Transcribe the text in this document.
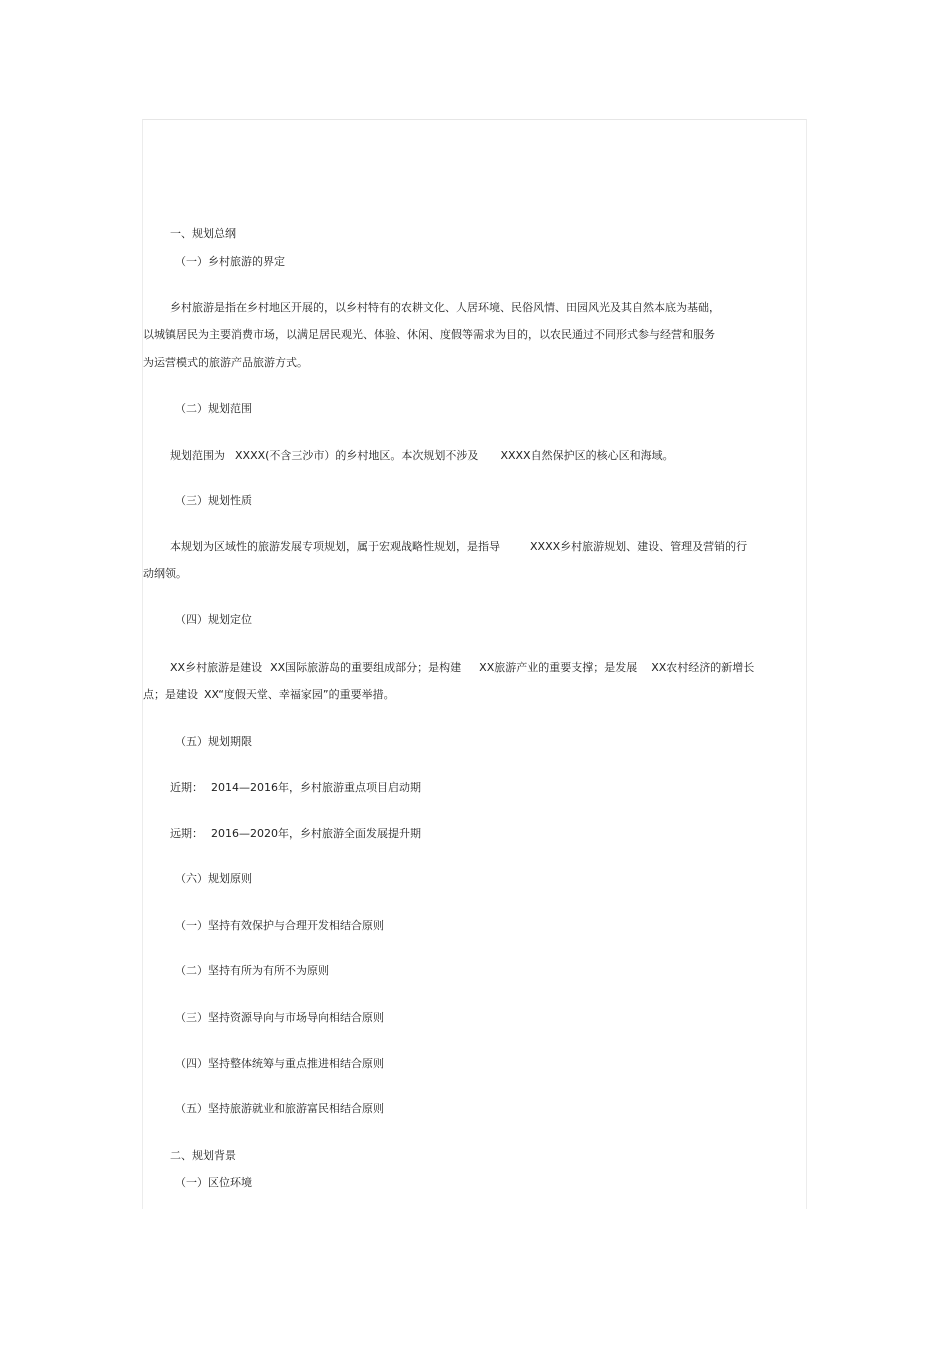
一、规划总纲
（一）乡村旅游的界定
乡村旅游是指在乡村地区开展的，以乡村特有的农耕文化、人居环境、民俗风情、田园风光及其自然本底为基础，
以城镇居民为主要消费市场，以满足居民观光、体验、休闲、度假等需求为目的，以农民通过不同形式参与经营和服务
为运营模式的旅游产品旅游方式。
（二）规划范围
规划范围为 XXXX(不含三沙市）的乡村地区。本次规划不涉及 XXXX自然保护区的核心区和海域。
（三）规划性质
本规划为区域性的旅游发展专项规划，属于宏观战略性规划，是指导	XXXX乡村旅游规划、建设、管理及营销的行
动纲领。
（四）规划定位
XX乡村旅游是建设 XX国际旅游岛的重要组成部分；是构建 XX旅游产业的重要支撑；是发展 XX农村经济的新增长
点；是建设 XX“度假天堂、幸福家园”的重要举措。
（五）规划期限
近期： 2014—2016年，乡村旅游重点项目启动期
远期： 2016—2020年，乡村旅游全面发展提升期
（六）规划原则
（一）坚持有效保护与合理开发相结合原则
（二）坚持有所为有所不为原则
（三）坚持资源导向与市场导向相结合原则
（四）坚持整体统筹与重点推进相结合原则
（五）坚持旅游就业和旅游富民相结合原则
二、规划背景
（一）区位环境
